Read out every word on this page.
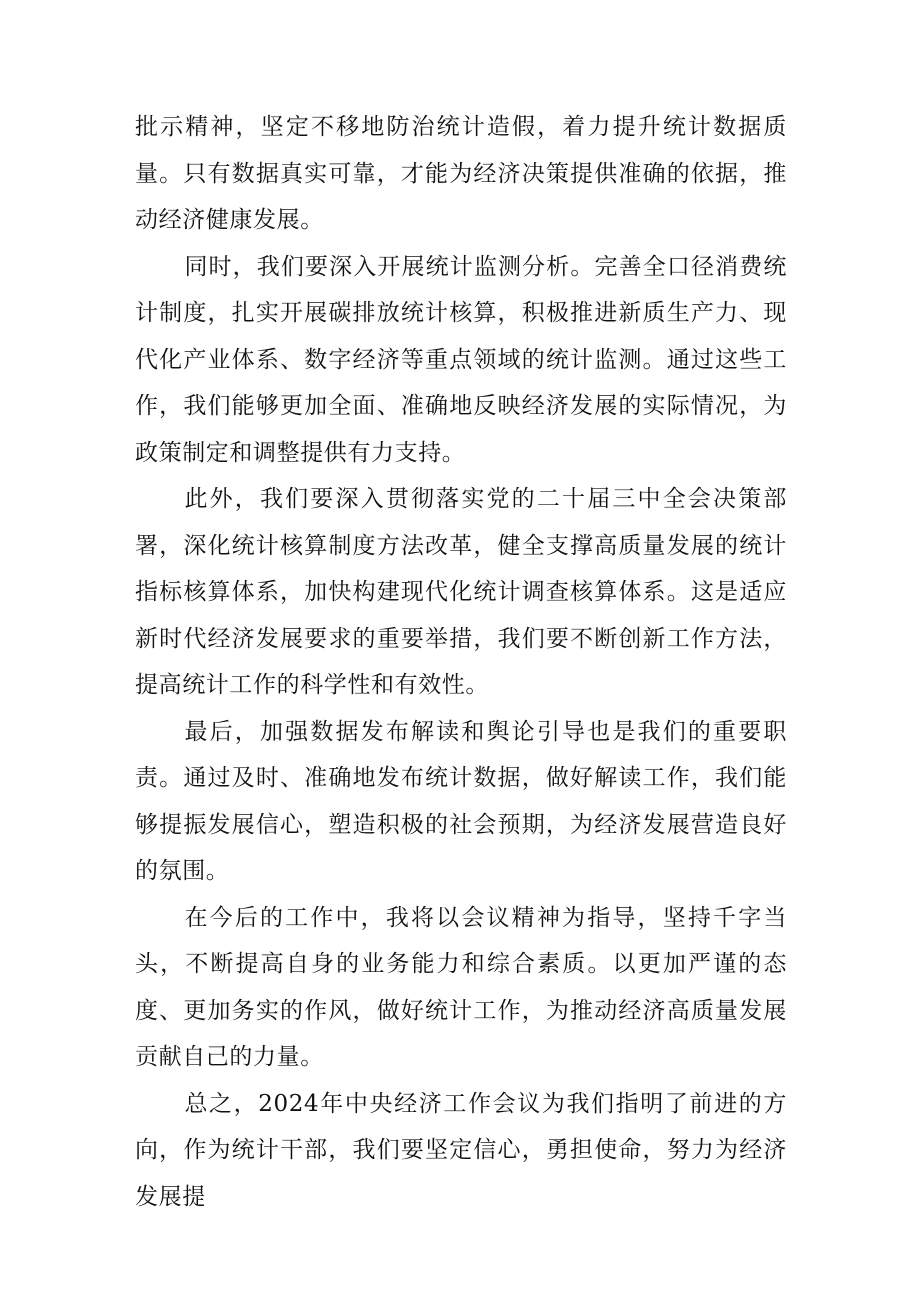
批示精神，坚定不移地防治统计造假，着力提升统计数据质量。只有数据真实可靠，才能为经济决策提供准确的依据，推动经济健康发展。

同时，我们要深入开展统计监测分析。完善全口径消费统计制度，扎实开展碳排放统计核算，积极推进新质生产力、现代化产业体系、数字经济等重点领域的统计监测。通过这些工作，我们能够更加全面、准确地反映经济发展的实际情况，为政策制定和调整提供有力支持。

此外，我们要深入贯彻落实党的二十届三中全会决策部署，深化统计核算制度方法改革，健全支撑高质量发展的统计指标核算体系，加快构建现代化统计调查核算体系。这是适应新时代经济发展要求的重要举措，我们要不断创新工作方法，提高统计工作的科学性和有效性。

最后，加强数据发布解读和舆论引导也是我们的重要职责。通过及时、准确地发布统计数据，做好解读工作，我们能够提振发展信心，塑造积极的社会预期，为经济发展营造良好的氛围。

在今后的工作中，我将以会议精神为指导，坚持千字当头，不断提高自身的业务能力和综合素质。以更加严谨的态度、更加务实的作风，做好统计工作，为推动经济高质量发展贡献自己的力量。

总之，2024年中央经济工作会议为我们指明了前进的方向，作为统计干部，我们要坚定信心，勇担使命，努力为经济发展提
